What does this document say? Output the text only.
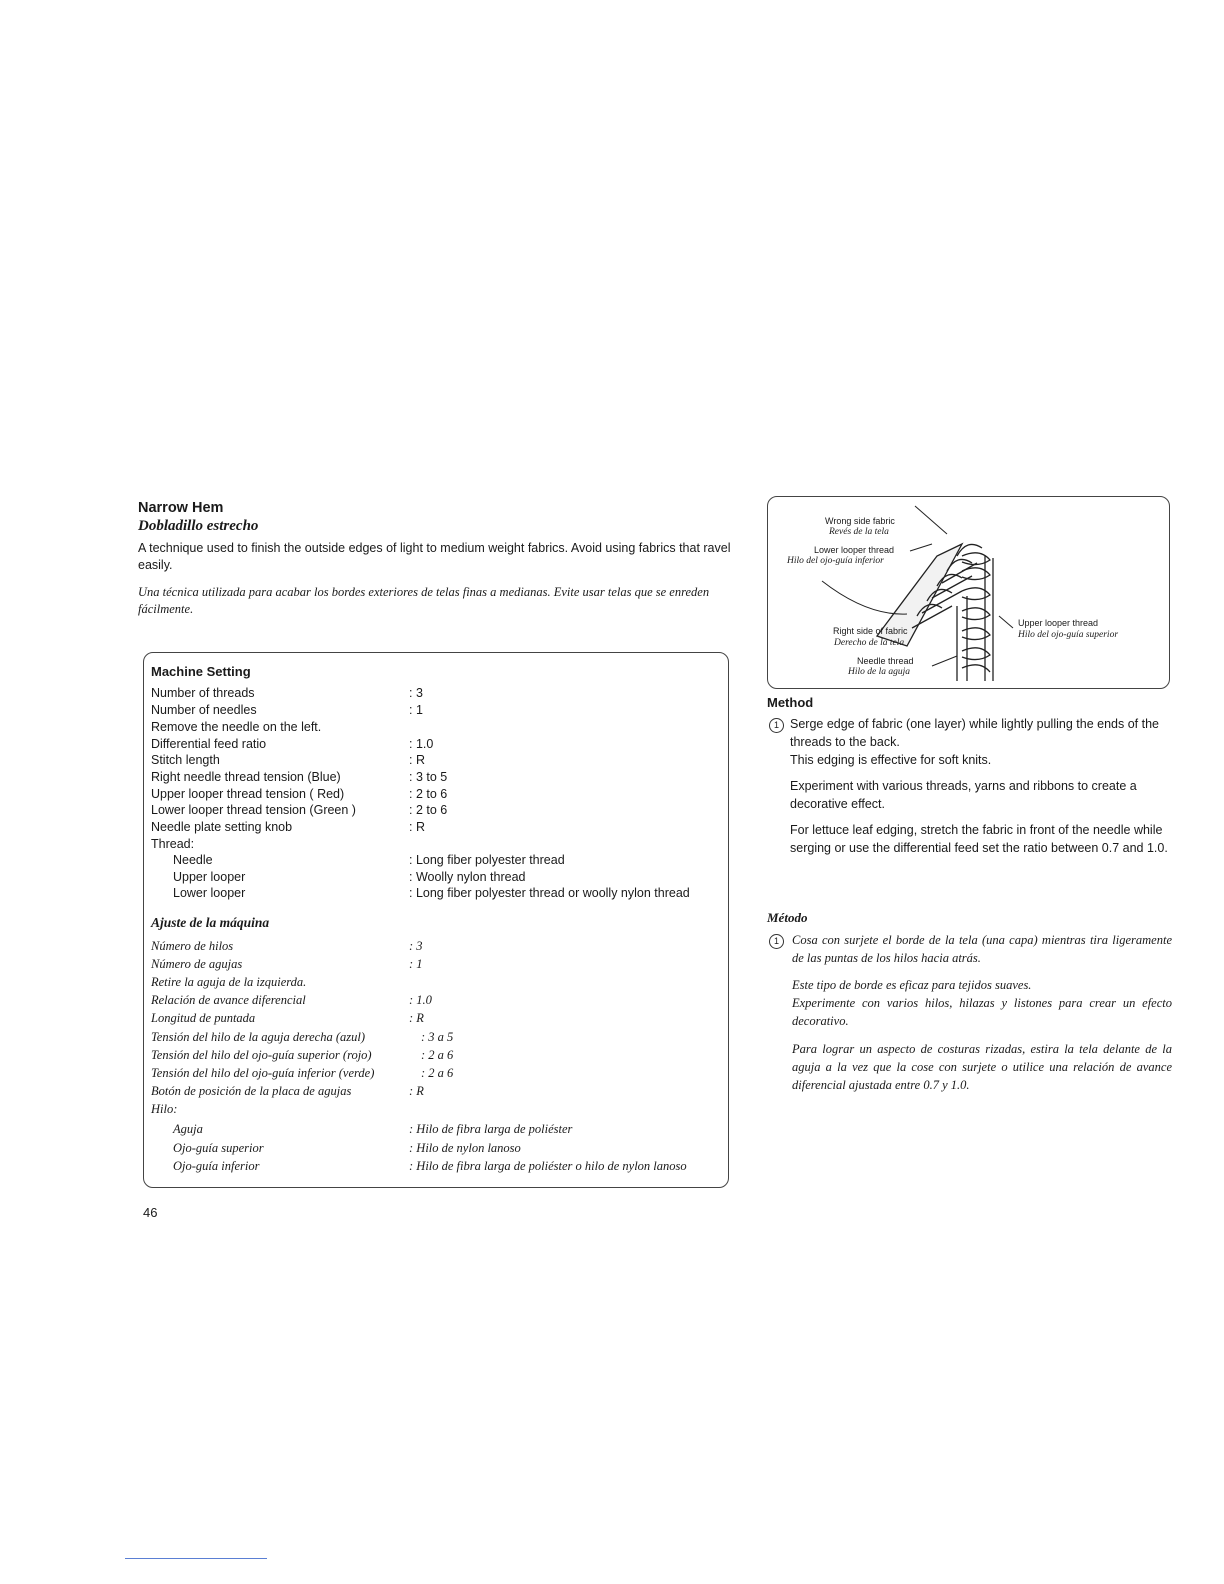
Narrow Hem
Dobladillo estrecho
A technique used to finish the outside edges of light to medium weight fabrics. Avoid using fabrics that ravel easily.
Una técnica utilizada para acabar los bordes exteriores de telas finas a medianas. Evite usar telas que se enreden fácilmente.
Machine Setting
Number of threads	: 3
Number of needles	: 1
Remove the needle on the left.
Differential feed ratio	: 1.0
Stitch length	: R
Right needle thread tension (Blue)	: 3 to 5
Upper looper thread tension ( Red)	: 2 to 6
Lower looper thread tension (Green )	: 2 to 6
Needle plate setting knob	: R
Thread:
Needle	: Long fiber polyester thread
Upper looper	: Woolly nylon thread
Lower looper	: Long fiber polyester thread or woolly nylon thread
Ajuste de la máquina
Número de hilos	: 3
Número de agujas	: 1
Retire la aguja de la izquierda.
Relación de avance diferencial	: 1.0
Longitud de puntada	: R
Tensión del hilo de la aguja derecha (azul)	: 3 a 5
Tensión del hilo del ojo-guía superior (rojo)	: 2 a 6
Tensión del hilo del ojo-guía inferior (verde)	: 2 a 6
Botón de posición de la placa de agujas	: R
Hilo:
Aguja	: Hilo de fibra larga de poliéster
Ojo-guía superior	: Hilo de nylon lanoso
Ojo-guía inferior	: Hilo de fibra larga de poliéster o hilo de nylon lanoso
Wrong side fabric
Revés de la tela
Lower looper thread
Hilo del ojo-guía inferior
Right side of fabric
Derecho de la tela
Needle thread
Hilo de la aguja
Upper looper thread
Hilo del ojo-guía superior
Method
1 Serge edge of fabric (one layer) while lightly pulling the ends of the threads to the back.
This edging is effective for soft knits.
Experiment with various threads, yarns and ribbons to create a decorative effect.
For lettuce leaf edging, stretch the fabric in front of the needle while serging or use the differential feed set the ratio between 0.7 and 1.0.
Método
1	Cosa con surjete el borde de la tela (una capa) mientras tira ligeramente de las puntas de los hilos hacia atrás.
Este tipo de borde es eficaz para tejidos suaves.
Experimente con varios hilos, hilazas y listones para crear un efecto decorativo.
Para lograr un aspecto de costuras rizadas, estira la tela delante de la aguja a la vez que la cose con surjete o utilice una relación de avance diferencial ajustada entre 0.7 y 1.0.
46
